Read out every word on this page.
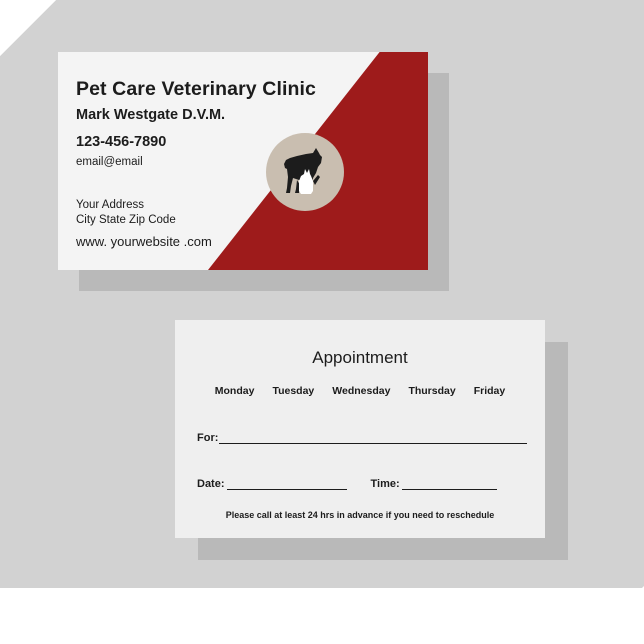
Pet Care Veterinary Clinic
Mark Westgate D.V.M.
123-456-7890
email@email
Your Address
City State Zip Code
www. yourwebsite .com
Appointment
Monday Tuesday Wednesday Thursday Friday
For:
Date:	Time:
Please call at least 24 hrs in advance if you need to reschedule
